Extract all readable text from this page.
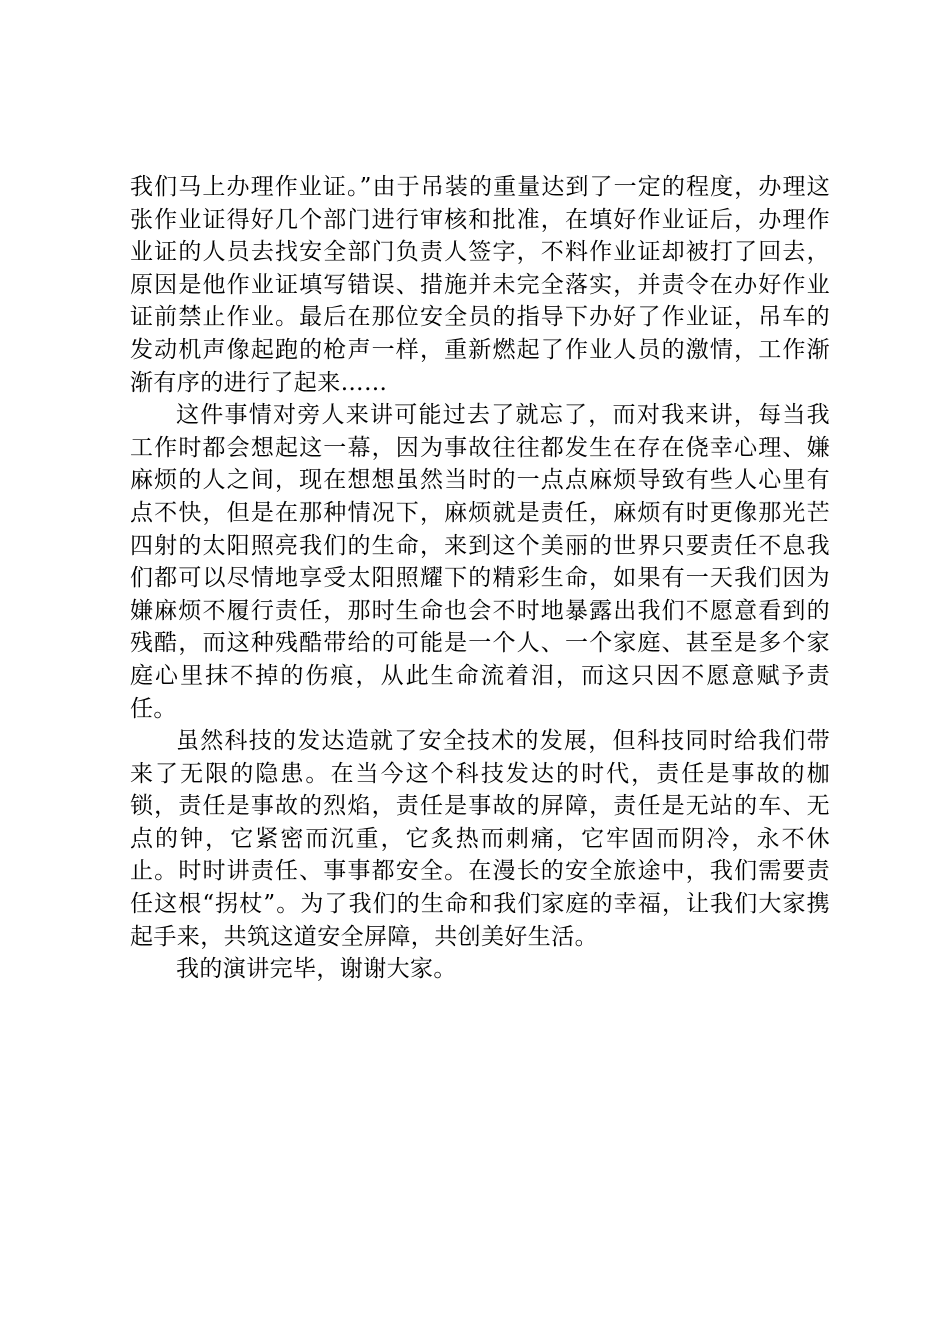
我们马上办理作业证。”由于吊装的重量达到了一定的程度，办理这张作业证得好几个部门进行审核和批准，在填好作业证后，办理作业证的人员去找安全部门负责人签字，不料作业证却被打了回去，原因是他作业证填写错误、措施并未完全落实，并责令在办好作业证前禁止作业。最后在那位安全员的指导下办好了作业证，吊车的发动机声像起跑的枪声一样，重新燃起了作业人员的激情，工作渐渐有序的进行了起来……

这件事情对旁人来讲可能过去了就忘了，而对我来讲，每当我工作时都会想起这一幕，因为事故往往都发生在存在侥幸心理、嫌麻烦的人之间，现在想想虽然当时的一点点麻烦导致有些人心里有点不快，但是在那种情况下，麻烦就是责任，麻烦有时更像那光芒四射的太阳照亮我们的生命，来到这个美丽的世界只要责任不息我们都可以尽情地享受太阳照耀下的精彩生命，如果有一天我们因为嫌麻烦不履行责任，那时生命也会不时地暴露出我们不愿意看到的残酷，而这种残酷带给的可能是一个人、一个家庭、甚至是多个家庭心里抹不掉的伤痕，从此生命流着泪，而这只因不愿意赋予责任。

虽然科技的发达造就了安全技术的发展，但科技同时给我们带来了无限的隐患。在当今这个科技发达的时代，责任是事故的枷锁，责任是事故的烈焰，责任是事故的屏障，责任是无站的车、无点的钟，它紧密而沉重，它炙热而刺痛，它牢固而阴冷，永不休止。时时讲责任、事事都安全。在漫长的安全旅途中，我们需要责任这根“拐杖”。为了我们的生命和我们家庭的幸福，让我们大家携起手来，共筑这道安全屏障，共创美好生活。

我的演讲完毕，谢谢大家。
